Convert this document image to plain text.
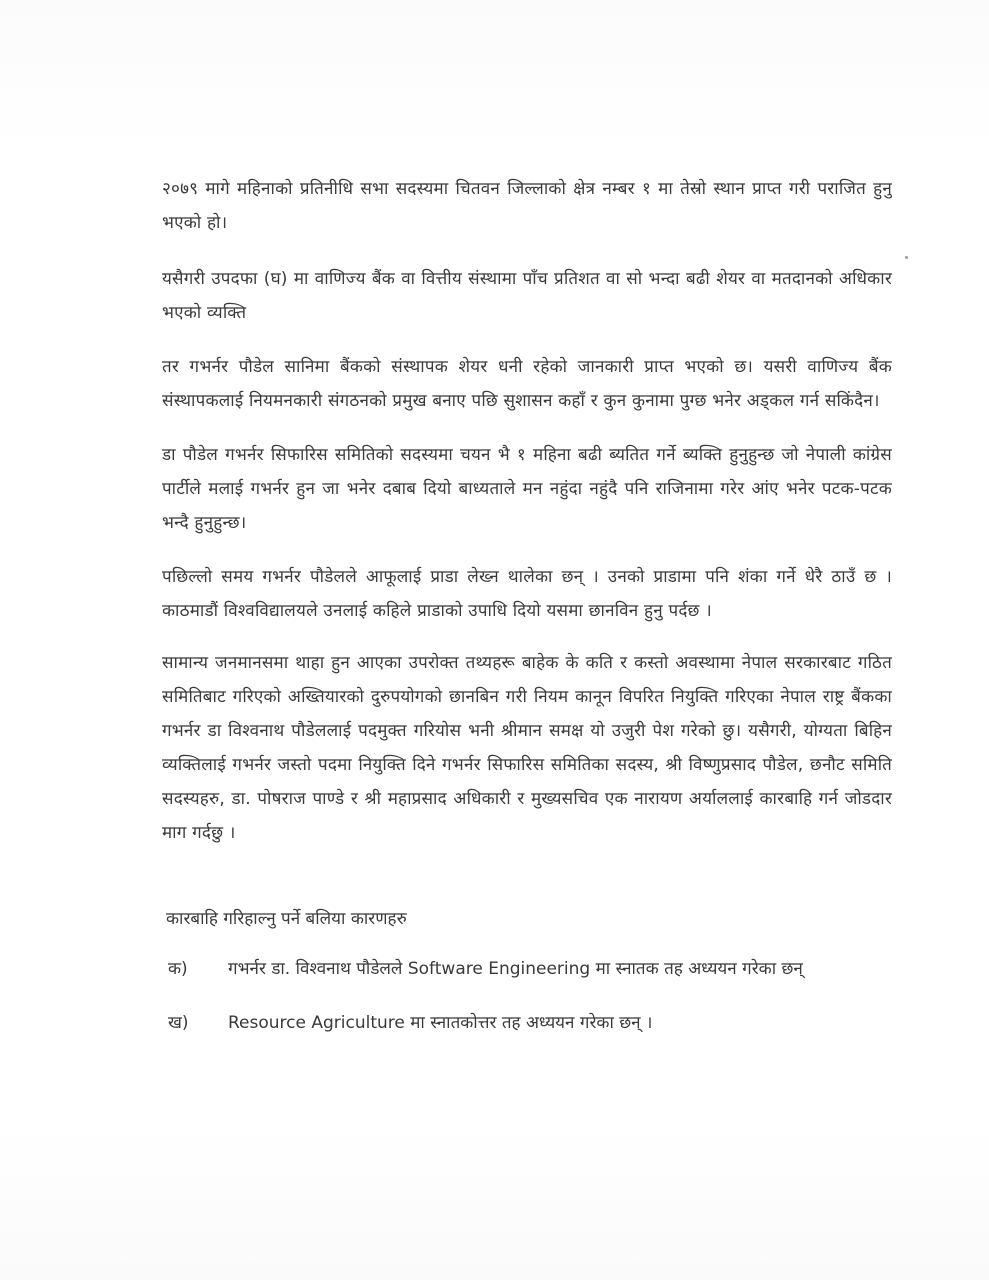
२०७९ मागे महिनाको प्रतिनीधि सभा सदस्यमा चितवन जिल्लाको क्षेत्र नम्बर १ मा तेस्रो स्थान प्राप्त गरी पराजित हुनु भएको हो।

यसैगरी उपदफा (घ) मा वाणिज्य बैंक वा वित्तीय संस्थामा पाँच प्रतिशत वा सो भन्दा बढी शेयर वा मतदानको अधिकार भएको व्यक्ति

तर गभर्नर पौडेल सानिमा बैंकको संस्थापक शेयर धनी रहेको जानकारी प्राप्त भएको छ। यसरी वाणिज्य बैंक संस्थापकलाई नियमनकारी संगठनको प्रमुख बनाए पछि सुशासन कहाँ र कुन कुनामा पुग्छ भनेर अड्कल गर्न सकिंदैन।

डा पौडेल गभर्नर सिफारिस समितिको सदस्यमा चयन भै १ महिना बढी ब्यतित गर्ने ब्यक्ति हुनुहुन्छ जो नेपाली कांग्रेस पार्टीले मलाई गभर्नर हुन जा भनेर दबाब दियो बाध्यताले मन नहुंदा नहुंदै पनि राजिनामा गरेर आंए भनेर पटक-पटक भन्दै हुनुहुन्छ।

पछिल्लो समय गभर्नर पौडेलले आफूलाई प्राडा लेख्न थालेका छन् । उनको प्राडामा पनि शंका गर्ने धेरै ठाउँ छ । काठमाडौं विश्वविद्यालयले उनलाई कहिले प्राडाको उपाधि दियो यसमा छानविन हुनु पर्दछ ।

सामान्य जनमानसमा थाहा हुन आएका उपरोक्त तथ्यहरू बाहेक के कति र कस्तो अवस्थामा नेपाल सरकारबाट गठित समितिबाट गरिएको अख्तियारको दुरुपयोगको छानबिन गरी नियम कानून विपरित नियुक्ति गरिएका नेपाल राष्ट्र बैंकका गभर्नर डा विश्वनाथ पौडेललाई पदमुक्त गरियोस भनी श्रीमान समक्ष यो उजुरी पेश गरेको छु। यसैगरी, योग्यता बिहिन व्यक्तिलाई गभर्नर जस्तो पदमा नियुक्ति दिने गभर्नर सिफारिस समितिका सदस्य, श्री विष्णुप्रसाद पौडेल, छनौट समिति सदस्यहरु, डा. पोषराज पाण्डे र श्री महाप्रसाद अधिकारी र मुख्यसचिव एक नारायण अर्याललाई कारबाहि गर्न जोडदार माग गर्दछु ।

कारबाहि गरिहाल्नु पर्ने बलिया कारणहरु
क)	गभर्नर डा. विश्वनाथ पौडेलले Software Engineering मा स्नातक तह अध्ययन गरेका छन्
ख)	Resource Agriculture मा स्नातकोत्तर तह अध्ययन गरेका छन् ।
